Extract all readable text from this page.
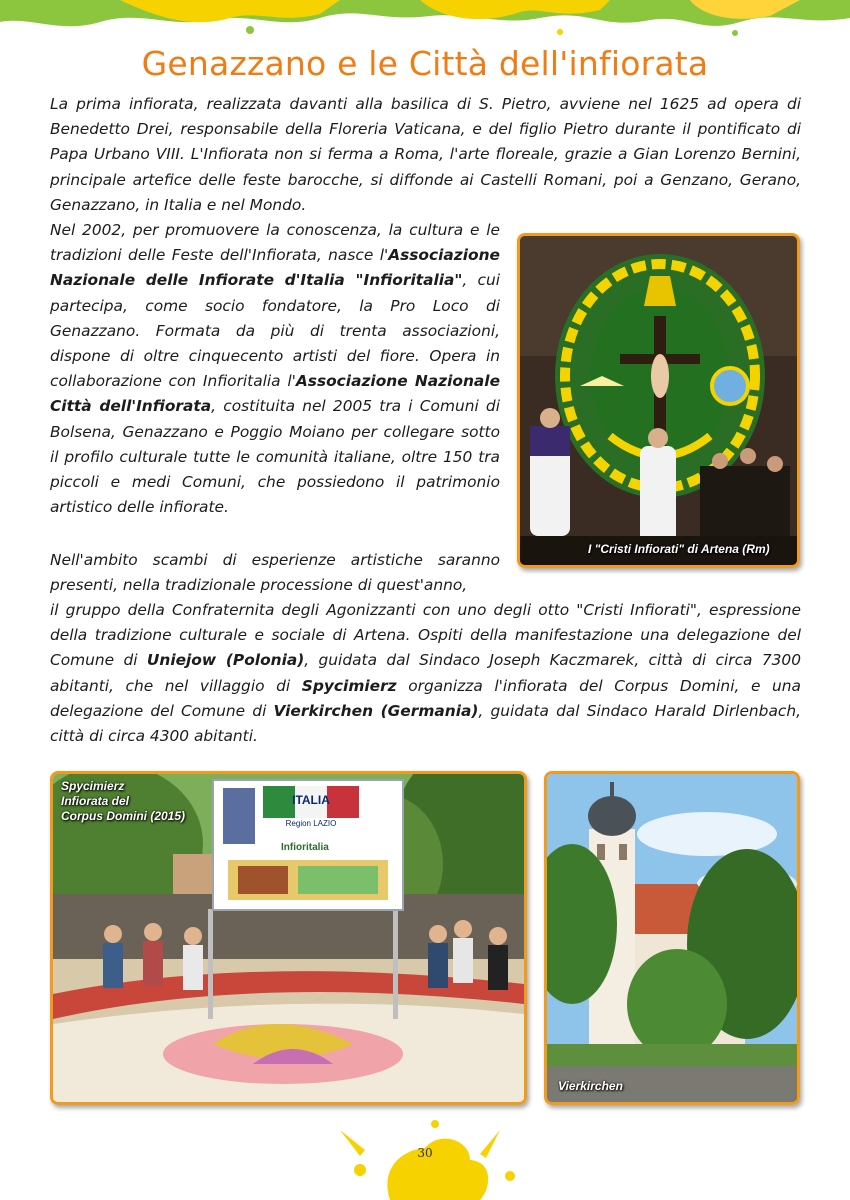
Genazzano e le Città dell'infiorata

La prima infiorata, realizzata davanti alla basilica di S. Pietro, avviene nel 1625 ad opera di Benedetto Drei, responsabile della Floreria Vaticana, e del figlio Pietro durante il pontificato di Papa Urbano VIII. L'Infiorata non si ferma a Roma, l'arte floreale, grazie a Gian Lorenzo Bernini, principale artefice delle feste barocche, si diffonde ai Castelli Romani, poi a Genzano, Gerano, Genazzano, in Italia e nel Mondo.

Nel 2002, per promuovere la conoscenza, la cultura e le tradizioni delle Feste dell'Infiorata, nasce l'Associazione Nazionale delle Infiorate d'Italia "Infioritalia", cui partecipa, come socio fondatore, la Pro Loco di Genazzano. Formata da più di trenta associazioni, dispone di oltre cinquecento artisti del fiore. Opera in collaborazione con Infioritalia l'Associazione Nazionale Città dell'Infiorata, costituita nel 2005 tra i Comuni di Bolsena, Genazzano e Poggio Moiano per collegare sotto il profilo culturale tutte le comunità italiane, oltre 150 tra piccoli e medi Comuni, che possiedono il patrimonio artistico delle infiorate.

Nell'ambito scambi di esperienze artistiche saranno presenti, nella tradizionale processione di quest'anno,

il gruppo della Confraternita degli Agonizzanti con uno degli otto "Cristi Infiorati", espressione della tradizione culturale e sociale di Artena. Ospiti della manifestazione una delegazione del Comune di Uniejow (Polonia), guidata dal Sindaco Joseph Kaczmarek, città di circa 7300 abitanti, che nel villaggio di Spycimierz organizza l'infiorata del Corpus Domini, e una delegazione del Comune di Vierkirchen (Germania), guidata dal Sindaco Harald Dirlenbach, città di circa 4300 abitanti.

I "Cristi Infiorati" di Artena (Rm)
ITALIA
Region LAZIO
Infioritalia
Spycimierz
Infiorata del
Corpus Domini (2015)
Vierkirchen
30
